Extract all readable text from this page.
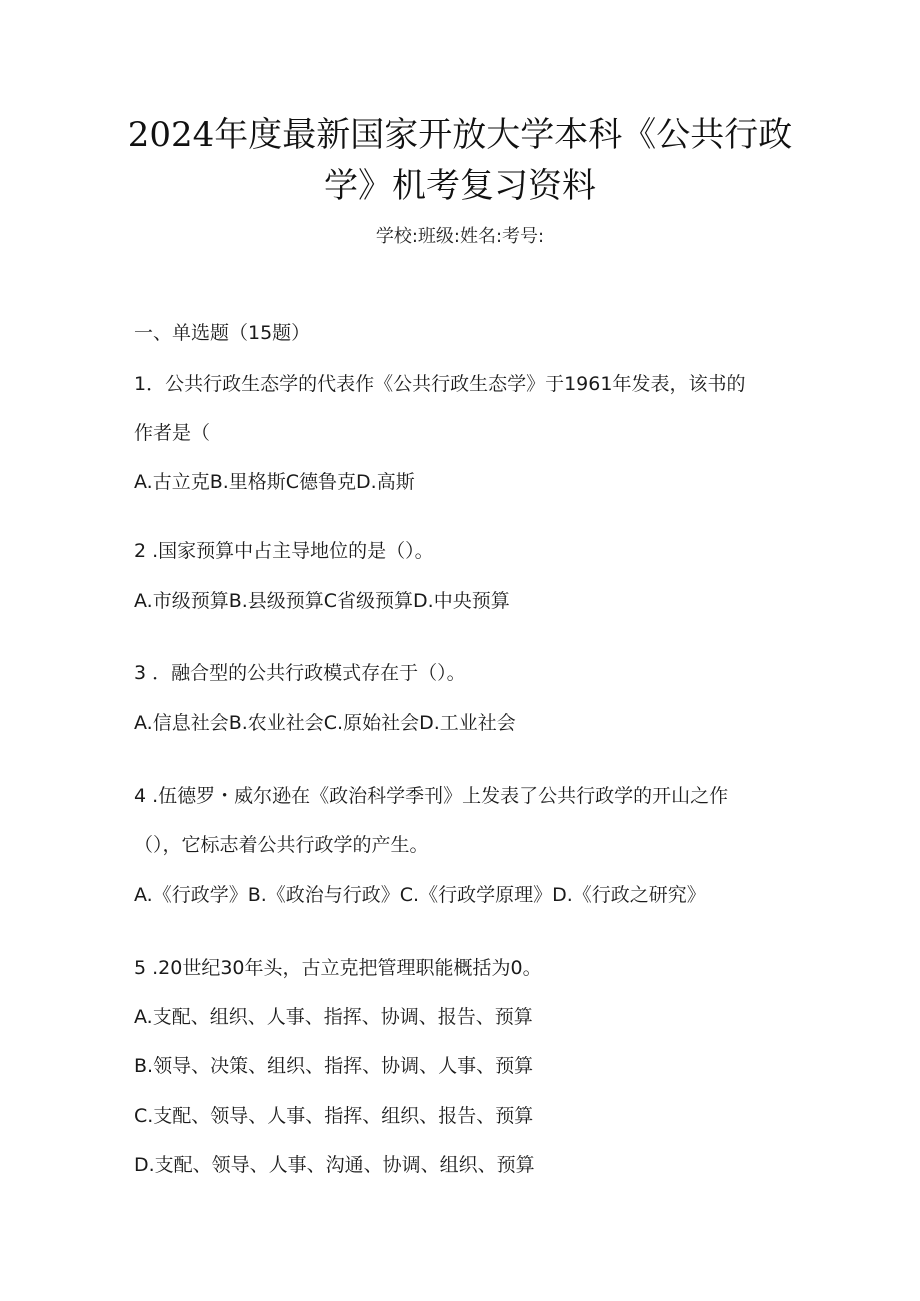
2024年度最新国家开放大学本科《公共行政
学》机考复习资料
学校:班级:姓名:考号:
一、单选题（15题）
1．公共行政生态学的代表作《公共行政生态学》于1961年发表，该书的
作者是（
A.古立克B.里格斯C德鲁克D.高斯
2 .国家预算中占主导地位的是（）。
A.市级预算B.县级预算C省级预算D.中央预算
3 ．融合型的公共行政模式存在于（）。
A.信息社会B.农业社会C.原始社会D.工业社会
4 .伍德罗・威尔逊在《政治科学季刊》上发表了公共行政学的开山之作
（），它标志着公共行政学的产生。
A.《行政学》B.《政治与行政》C.《行政学原理》D.《行政之研究》
5 .20世纪30年头，古立克把管理职能概括为0。
A.支配、组织、人事、指挥、协调、报告、预算
B.领导、决策、组织、指挥、协调、人事、预算
C.支配、领导、人事、指挥、组织、报告、预算
D.支配、领导、人事、沟通、协调、组织、预算
